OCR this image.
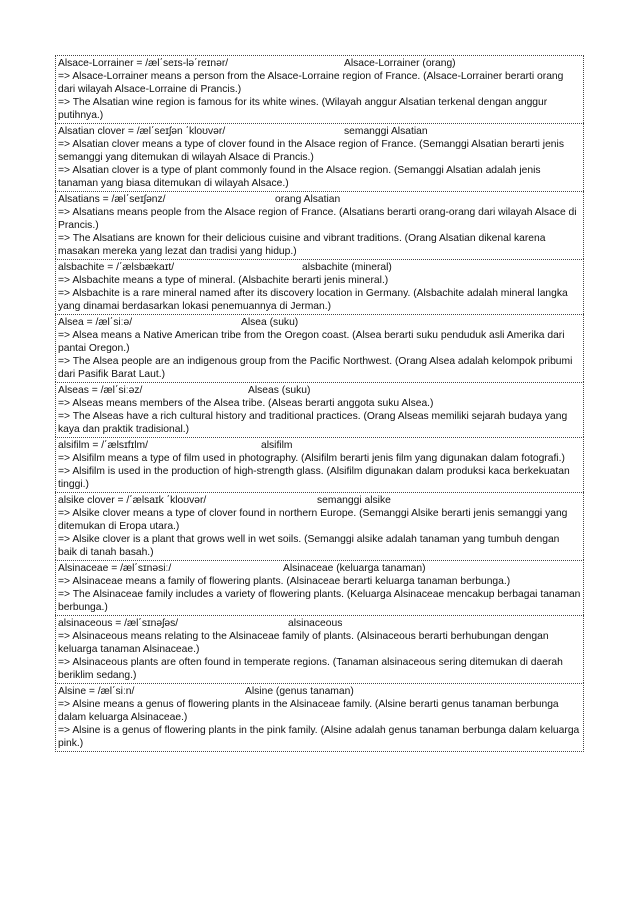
Alsace-Lorrainer = /æl΄seɪs-lə΄reɪnər/	Alsace-Lorrainer (orang)

=> Alsace-Lorrainer means a person from the Alsace-Lorraine region of France. (Alsace-Lorrainer berarti orang dari wilayah Alsace-Lorraine di Prancis.)

=> The Alsatian wine region is famous for its white wines. (Wilayah anggur Alsatian terkenal dengan anggur putihnya.)

Alsatian clover = /æl΄seɪʃən ΄kloʊvər/	semanggi Alsatian

=> Alsatian clover means a type of clover found in the Alsace region of France. (Semanggi Alsatian berarti jenis semanggi yang ditemukan di wilayah Alsace di Prancis.)

=> Alsatian clover is a type of plant commonly found in the Alsace region. (Semanggi Alsatian adalah jenis tanaman yang biasa ditemukan di wilayah Alsace.)

Alsatians = /æl΄seɪʃənz/	orang Alsatian

=> Alsatians means people from the Alsace region of France. (Alsatians berarti orang-orang dari wilayah Alsace di Prancis.)

=> The Alsatians are known for their delicious cuisine and vibrant traditions. (Orang Alsatian dikenal karena masakan mereka yang lezat dan tradisi yang hidup.)

alsbachite = /΄ælsbækaɪt/	alsbachite (mineral)

=> Alsbachite means a type of mineral. (Alsbachite berarti jenis mineral.)

=> Alsbachite is a rare mineral named after its discovery location in Germany. (Alsbachite adalah mineral langka yang dinamai berdasarkan lokasi penemuannya di Jerman.)

Alsea = /æl΄siːə/	Alsea (suku)

=> Alsea means a Native American tribe from the Oregon coast. (Alsea berarti suku penduduk asli Amerika dari pantai Oregon.)

=> The Alsea people are an indigenous group from the Pacific Northwest. (Orang Alsea adalah kelompok pribumi dari Pasifik Barat Laut.)

Alseas = /æl΄siːəz/	Alseas (suku)

=> Alseas means members of the Alsea tribe. (Alseas berarti anggota suku Alsea.)

=> The Alseas have a rich cultural history and traditional practices. (Orang Alseas memiliki sejarah budaya yang kaya dan praktik tradisional.)

alsifilm = /΄ælsɪfɪlm/	alsifilm

=> Alsifilm means a type of film used in photography. (Alsifilm berarti jenis film yang digunakan dalam fotografi.)

=> Alsifilm is used in the production of high-strength glass. (Alsifilm digunakan dalam produksi kaca berkekuatan tinggi.)

alsike clover = /΄ælsaɪk ΄kloʊvər/	semanggi alsike

=> Alsike clover means a type of clover found in northern Europe. (Semanggi Alsike berarti jenis semanggi yang ditemukan di Eropa utara.)

=> Alsike clover is a plant that grows well in wet soils. (Semanggi alsike adalah tanaman yang tumbuh dengan baik di tanah basah.)

Alsinaceae = /æl΄sɪnəsiː/	Alsinaceae (keluarga tanaman)

=> Alsinaceae means a family of flowering plants. (Alsinaceae berarti keluarga tanaman berbunga.)

=> The Alsinaceae family includes a variety of flowering plants. (Keluarga Alsinaceae mencakup berbagai tanaman berbunga.)

alsinaceous = /æl΄sɪnəʃəs/	alsinaceous

=> Alsinaceous means relating to the Alsinaceae family of plants. (Alsinaceous berarti berhubungan dengan keluarga tanaman Alsinaceae.)

=> Alsinaceous plants are often found in temperate regions. (Tanaman alsinaceous sering ditemukan di daerah beriklim sedang.)

Alsine = /æl΄siːn/	Alsine (genus tanaman)

=> Alsine means a genus of flowering plants in the Alsinaceae family. (Alsine berarti genus tanaman berbunga dalam keluarga Alsinaceae.)

=> Alsine is a genus of flowering plants in the pink family. (Alsine adalah genus tanaman berbunga dalam keluarga pink.)
